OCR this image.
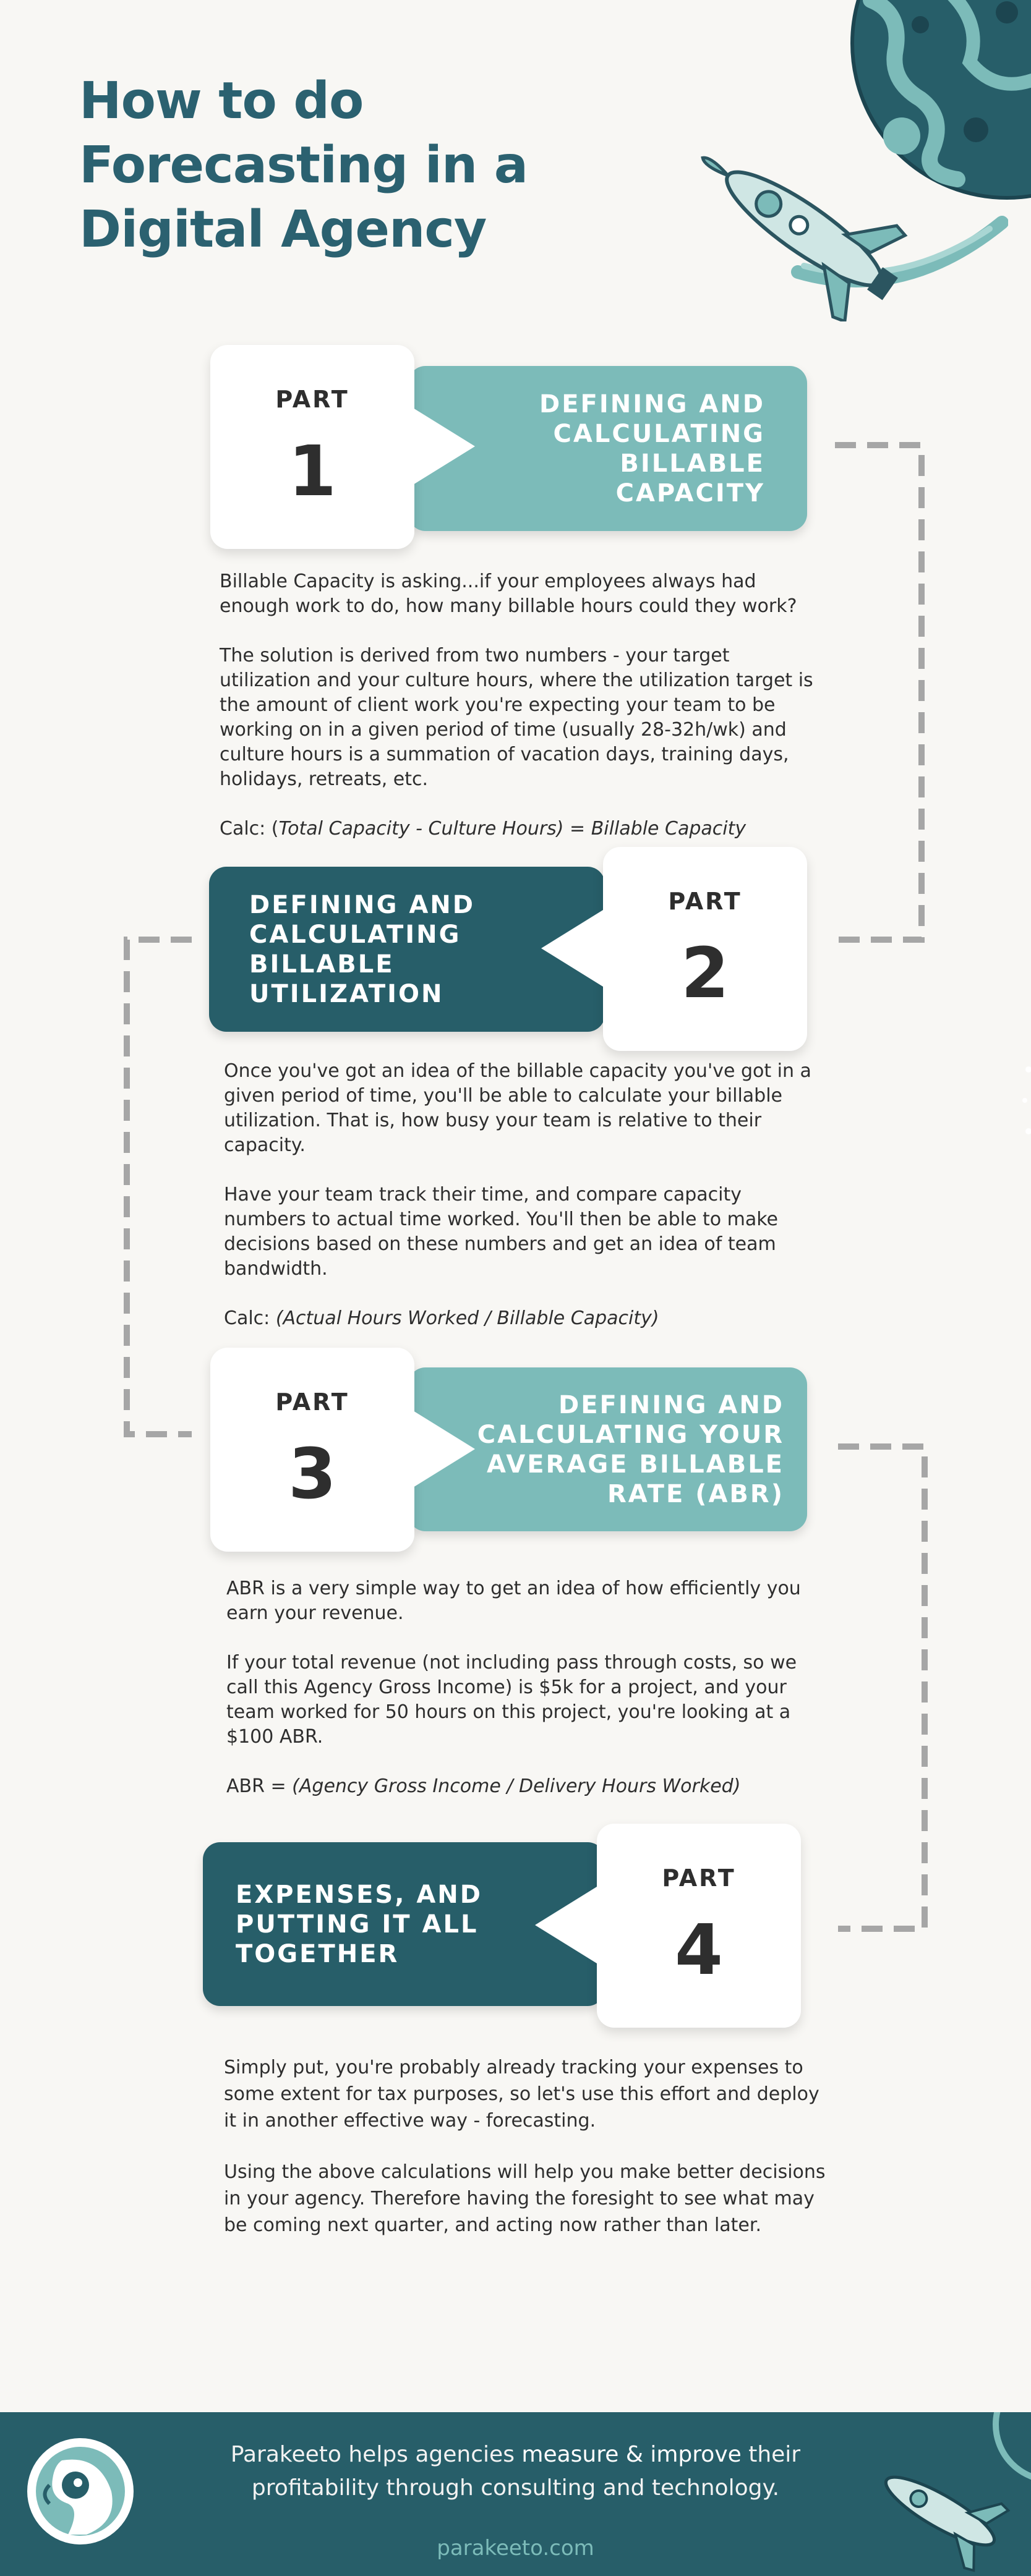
How to do Forecasting in a Digital Agency
DEFINING AND CALCULATING BILLABLE CAPACITY
PART
1

Billable Capacity is asking...if your employees always had enough work to do, how many billable hours could they work?

The solution is derived from two numbers - your target utilization and your culture hours, where the utilization target is the amount of client work you're expecting your team to be working on in a given period of time (usually 28-32h/wk) and culture hours is a summation of vacation days, training days, holidays, retreats, etc.

Calc: (Total Capacity - Culture Hours) = Billable Capacity

DEFINING AND CALCULATING BILLABLE UTILIZATION
PART
2

Once you've got an idea of the billable capacity you've got in a given period of time, you'll be able to calculate your billable utilization. That is, how busy your team is relative to their capacity.

Have your team track their time, and compare capacity numbers to actual time worked. You'll then be able to make decisions based on these numbers and get an idea of team bandwidth.

Calc: (Actual Hours Worked / Billable Capacity)

DEFINING AND CALCULATING YOUR AVERAGE BILLABLE RATE (ABR)
PART
3

ABR is a very simple way to get an idea of how efficiently you earn your revenue.

If your total revenue (not including pass through costs, so we call this Agency Gross Income) is $5k for a project, and your team worked for 50 hours on this project, you're looking at a $100 ABR.

ABR = (Agency Gross Income / Delivery Hours Worked)

EXPENSES, AND PUTTING IT ALL TOGETHER
PART
4

Simply put, you're probably already tracking your expenses to some extent for tax purposes, so let's use this effort and deploy it in another effective way - forecasting.

Using the above calculations will help you make better decisions in your agency. Therefore having the foresight to see what may be coming next quarter, and acting now rather than later.

Parakeeto helps agencies measure & improve their
profitability through consulting and technology.
parakeeto.com
